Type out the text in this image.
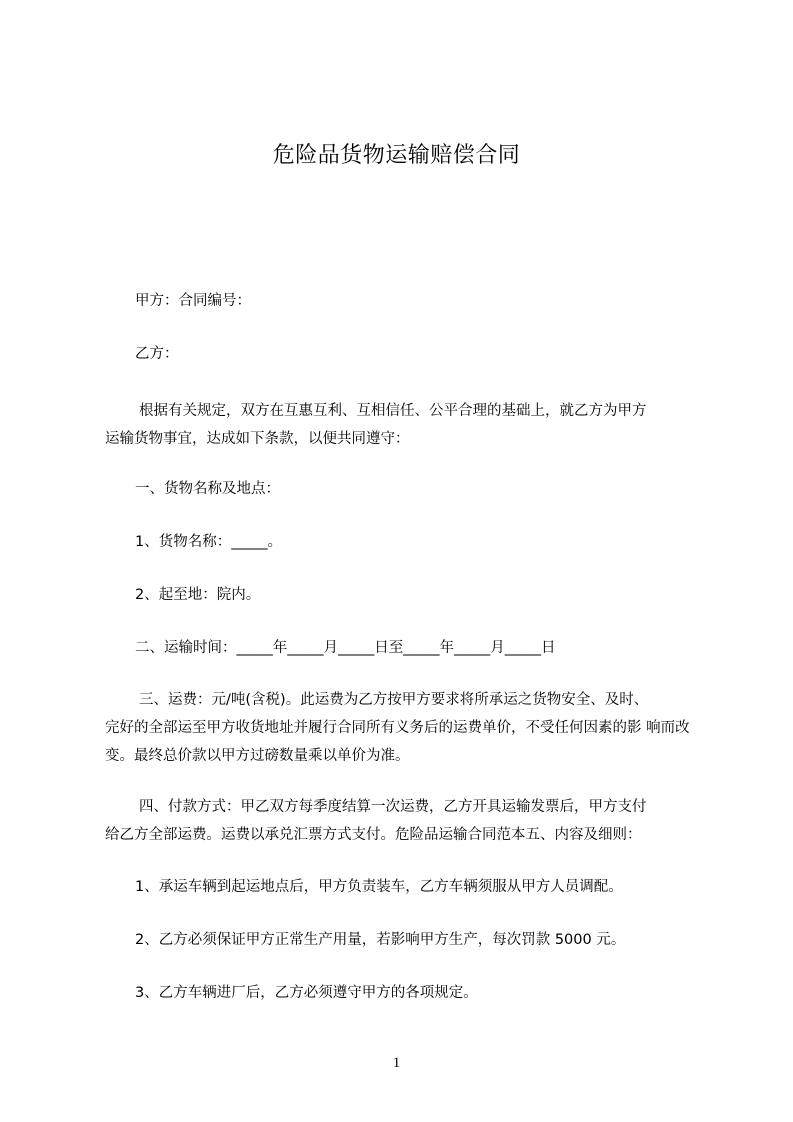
危险品货物运输赔偿合同
甲方：合同编号：
乙方：
根据有关规定，双方在互惠互利、互相信任、公平合理的基础上，就乙方为甲方
运输货物事宜，达成如下条款，以便共同遵守：
一、货物名称及地点：
1、货物名称：_____。
2、起至地：院内。
二、运输时间：_____年_____月_____日至_____年_____月_____日
三、运费：元/吨(含税)。此运费为乙方按甲方要求将所承运之货物安全、及时、
完好的全部运至甲方收货地址并履行合同所有义务后的运费单价，不受任何因素的影 响而改变。最终总价款以甲方过磅数量乘以单价为准。
四、付款方式：甲乙双方每季度结算一次运费，乙方开具运输发票后，甲方支付
给乙方全部运费。运费以承兑汇票方式支付。危险品运输合同范本五、内容及细则：
1、承运车辆到起运地点后，甲方负责装车，乙方车辆须服从甲方人员调配。
2、乙方必须保证甲方正常生产用量，若影响甲方生产，每次罚款 5000 元。
3、乙方车辆进厂后，乙方必须遵守甲方的各项规定。
1
